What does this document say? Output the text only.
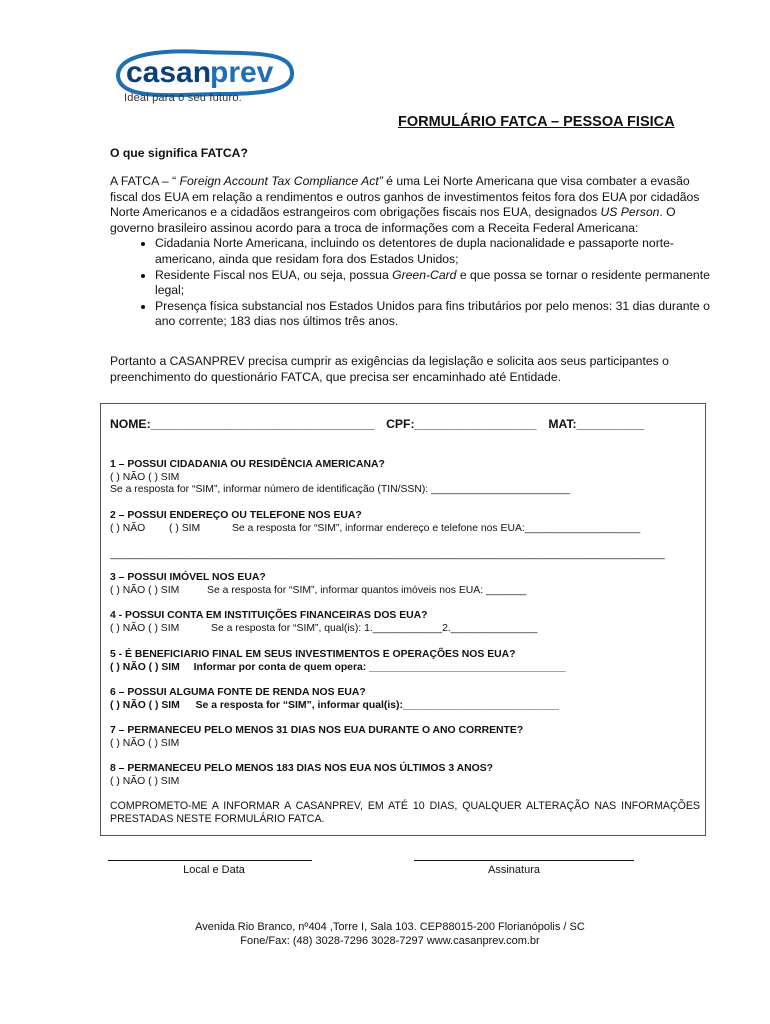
casan
prev
Ideal para o seu futuro.
FORMULÁRIO FATCA – PESSOA FISICA
O que significa FATCA?
A FATCA – “ Foreign Account Tax Compliance Act” é uma Lei Norte Americana que visa combater a evasão fiscal dos EUA em relação a rendimentos e outros ganhos de investimentos feitos fora dos EUA por cidadãos Norte Americanos e a cidadãos estrangeiros com obrigações fiscais nos EUA, designados US Person. O governo brasileiro assinou acordo para a troca de informações com a Receita Federal Americana:
• Cidadania Norte Americana, incluindo os detentores de dupla nacionalidade e passaporte norte-americano, ainda que residam fora dos Estados Unidos;
• Residente Fiscal nos EUA, ou seja, possua Green-Card e que possa se tornar o residente permanente legal;
• Presença física substancial nos Estados Unidos para fins tributários por pelo menos: 31 dias durante o ano corrente; 183 dias nos últimos três anos.
Portanto a CASANPREV precisa cumprir as exigências da legislação e solicita aos seus participantes o preenchimento do questionário FATCA, que precisa ser encaminhado até Entidade.
NOME:_________________________________ CPF:__________________ MAT:__________
1 – POSSUI CIDADANIA OU RESIDÊNCIA AMERICANA?
( ) NÃO ( ) SIM
Se a resposta for “SIM”, informar número de identificação (TIN/SSN): ________________________
2 – POSSUI ENDEREÇO OU TELEFONE NOS EUA?
( ) NÃO ( ) SIM	Se a resposta for “SIM”, informar endereço e telefone nos EUA:____________________
________________________________________________________________________________________________
3 – POSSUI IMÓVEL NOS EUA?
( ) NÃO ( ) SIM	Se a resposta for “SIM”, informar quantos imóveis nos EUA: _______
4 - POSSUI CONTA EM INSTITUIÇÕES FINANCEIRAS DOS EUA?
( ) NÃO ( ) SIM	Se a resposta for “SIM”, qual(is): 1.____________2._______________
5 - É BENEFICIARIO FINAL EM SEUS INVESTIMENTOS E OPERAÇÕES NOS EUA?
( ) NÃO ( ) SIM Informar por conta de quem opera: __________________________________
6 – POSSUI ALGUMA FONTE DE RENDA NOS EUA?
( ) NÃO ( ) SIM Se a resposta for “SIM”, informar qual(is):___________________________
7 – PERMANECEU PELO MENOS 31 DIAS NOS EUA DURANTE O ANO CORRENTE?
( ) NÃO ( ) SIM
8 – PERMANECEU PELO MENOS 183 DIAS NOS EUA NOS ÚLTIMOS 3 ANOS?
( ) NÃO ( ) SIM
COMPROMETO-ME A INFORMAR A CASANPREV, EM ATÉ 10 DIAS, QUALQUER ALTERAÇÃO NAS INFORMAÇÕES PRESTADAS NESTE FORMULÁRIO FATCA.
Local e Data	Assinatura
Avenida Rio Branco, nº404 ,Torre I, Sala 103. CEP88015-200 Florianópolis / SC
Fone/Fax: (48) 3028-7296 3028-7297 www.casanprev.com.br
